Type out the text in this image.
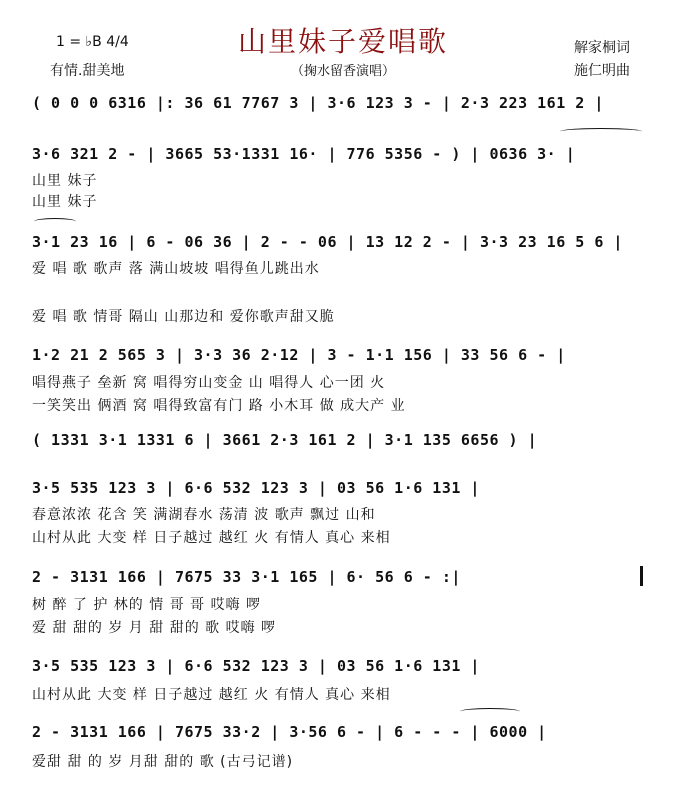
山里妹子爱唱歌
1 = ♭B 4/4
有情.甜美地	（掬水留香演唱）
解家桐词
施仁明曲
( 0 0 0 6316 |: 36 61 7767 3 | 3·6 123 3 - | 2·3 223 161 2 |
3·6 321 2 - | 3665 53·1331 16· | 776 5356 - ) | 0636 3· |
山里 妹子
山里 妹子
3·1 23 16 | 6 - 06 36 | 2 - - 06 | 13 12 2 - | 3·3 23 16 5 6 |
爱 唱 歌 歌声 落 满山坡坡 唱得鱼儿跳出水
爱 唱 歌 情哥 隔山 山那边和 爱你歌声甜又脆
1·2 21 2 565 3 | 3·3 36 2·12 | 3 - 1·1 156 | 33 56 6 - |
唱得燕子 垒新 窝 唱得穷山变金 山 唱得人 心一团 火
一笑笑出 俩酒 窝 唱得致富有门 路 小木耳 做 成大产 业
( 1331 3·1 1331 6 | 3661 2·3 161 2 | 3·1 135 6656 ) |
3·5 535 123 3 | 6·6 532 123 3 | 03 56 1·6 131 |
春意浓浓 花含 笑 满湖春水 荡清 波 歌声 飘过 山和
山村从此 大变 样 日子越过 越红 火 有情人 真心 来相
2 - 3131 166 | 7675 33 3·1 165 | 6· 56 6 - :|
树 醉 了 护 林的 情 哥 哥 哎嗨 啰
爱 甜 甜的 岁 月 甜 甜的 歌 哎嗨 啰
3·5 535 123 3 | 6·6 532 123 3 | 03 56 1·6 131 |
山村从此 大变 样 日子越过 越红 火 有情人 真心 来相
2 - 3131 166 | 7675 33·2 | 3·56 6 - | 6 - - - | 6000 |
爱甜 甜 的 岁 月甜 甜的 歌 (古弓记谱)
